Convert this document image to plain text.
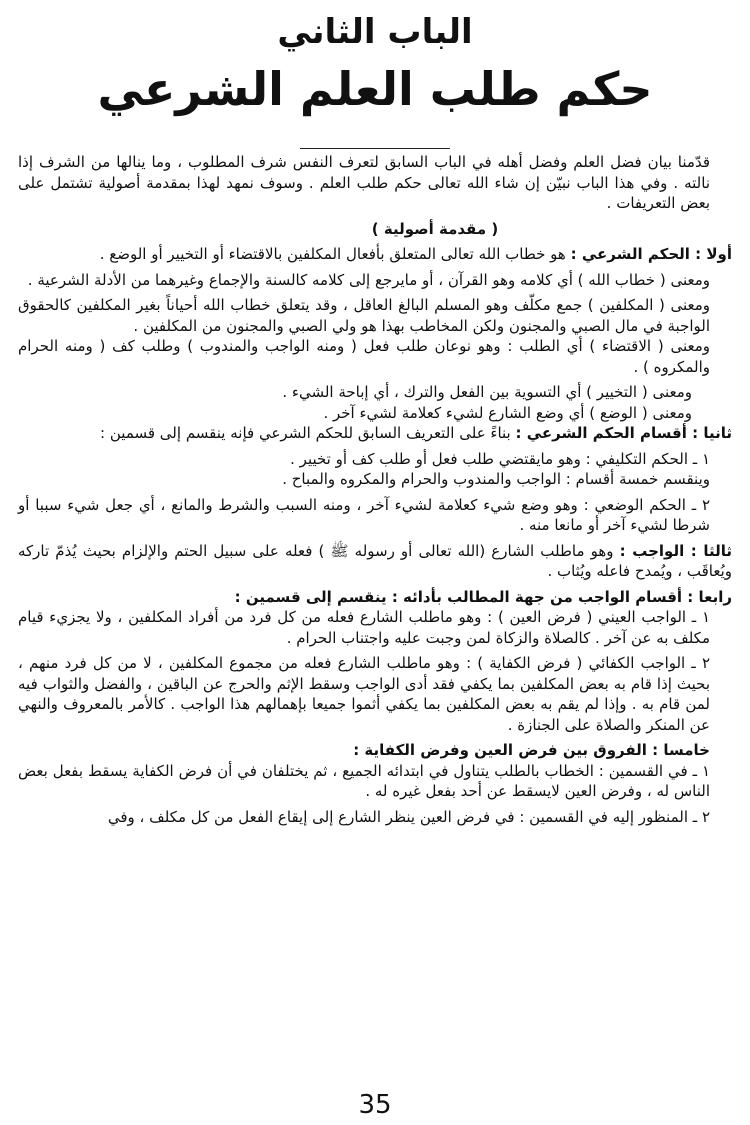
الباب الثاني
حكم طلب العلم الشرعي

قدّمنا بيان فضل العلم وفضل أهله في الباب السابق لتعرف النفس شرف المطلوب ، وما ينالها من الشرف إذا نالته . وفي هذا الباب نبيّن إن شاء الله تعالى حكم طلب العلم . وسوف نمهد لهذا بمقدمة أصولية تشتمل على بعض التعريفات .

( مقدمة أصولية )

أولا : الحكم الشرعي : هو خطاب الله تعالى المتعلق بأفعال المكلفين بالاقتضاء أو التخيير أو الوضع .

ومعنى ( خطاب الله ) أي كلامه وهو القرآن ، أو مايرجع إلى كلامه كالسنة والإجماع وغيرهما من الأدلة الشرعية .

ومعنى ( المكلفين ) جمع مكلّف وهو المسلم البالغ العاقل ، وقد يتعلق خطاب الله أحياناً بغير المكلفين كالحقوق الواجبة في مال الصبي والمجنون ولكن المخاطب بهذا هو ولي الصبي والمجنون من المكلفين .

ومعنى ( الاقتضاء ) أي الطلب : وهو نوعان طلب فعل ( ومنه الواجب والمندوب ) وطلب كف ( ومنه الحرام والمكروه ) .

ومعنى ( التخيير ) أي التسوية بين الفعل والترك ، أي إباحة الشيء .

ومعنى ( الوضع ) أي وضع الشارع لشيء كعلامة لشيء آخر .

ثانيا : أقسام الحكم الشرعي : بناءً على التعريف السابق للحكم الشرعي فإنه ينقسم إلى قسمين :

١ ـ الحكم التكليفي : وهو مايقتضي طلب فعل أو طلب كف أو تخيير .

وينقسم خمسة أقسام : الواجب والمندوب والحرام والمكروه والمباح .

٢ ـ الحكم الوضعي : وهو وضع شيء كعلامة لشيء آخر ، ومنه السبب والشرط والمانع ، أي جعل شيء سببا أو شرطا لشيء آخر أو مانعا منه .

ثالثا : الواجب : وهو ماطلب الشارع (الله تعالى أو رسوله ﷺ ) فعله على سبيل الحتم والإلزام بحيث يُذمّ تاركه ويُعاقَب ، ويُمدح فاعله ويُثاب .

رابعا : أقسام الواجب من جهة المطالب بأدائه : ينقسم إلى قسمين :

١ ـ الواجب العيني ( فرض العين ) : وهو ماطلب الشارع فعله من كل فرد من أفراد المكلفين ، ولا يجزيء قيام مكلف به عن آخر . كالصلاة والزكاة لمن وجبت عليه واجتناب الحرام .

٢ ـ الواجب الكفائي ( فرض الكفاية ) : وهو ماطلب الشارع فعله من مجموع المكلفين ، لا من كل فرد منهم ، بحيث إذا قام به بعض المكلفين بما يكفي فقد أدى الواجب وسقط الإثم والحرج عن الباقين ، والفضل والثواب فيه لمن قام به . وإذا لم يقم به بعض المكلفين بما يكفي أثموا جميعا بإهمالهم هذا الواجب . كالأمر بالمعروف والنهي عن المنكر والصلاة على الجنازة .

خامسا : الفروق بين فرض العين وفرض الكفاية :

١ ـ في القسمين : الخطاب بالطلب يتناول في ابتدائه الجميع ، ثم يختلفان في أن فرض الكفاية يسقط بفعل بعض الناس له ، وفرض العين لايسقط عن أحد بفعل غيره له .

٢ ـ المنظور إليه في القسمين : في فرض العين ينظر الشارع إلى إيقاع الفعل من كل مكلف ، وفي

35
